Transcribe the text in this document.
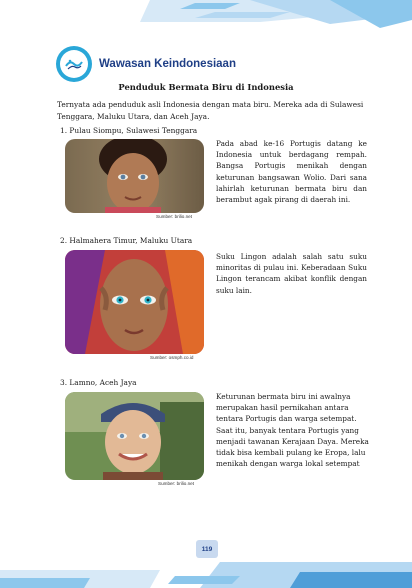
Wawasan Keindonesiaan
Penduduk Bermata Biru di Indonesia
Ternyata ada penduduk asli Indonesia dengan mata biru. Mereka ada di Sulawesi Tenggara, Maluku Utara, dan Aceh Jaya.
1. Pulau Siompu, Sulawesi Tenggara
Sumber: brilio.net
Pada abad ke-16 Portugis datang ke Indonesia untuk berdagang rempah. Bangsa Portugis menikah dengan keturunan bangsawan Wolio. Dari sana lahirlah keturunan bermata biru dan berambut agak pirang di daerah ini.
2. Halmahera Timur, Maluku Utara
Sumber: osmph.co.id
Suku Lingon adalah salah satu suku minoritas di pulau ini. Keberadaan Suku Lingon terancam akibat konflik dengan suku lain.
3. Lamno, Aceh Jaya
Sumber: brilio.net
Keturunan bermata biru ini awalnya merupakan hasil pernikahan antara tentara Portugis dan warga setempat. Saat itu, banyak tentara Portugis yang menjadi tawanan Kerajaan Daya. Mereka tidak bisa kembali pulang ke Eropa, lalu menikah dengan warga lokal setempat
119
